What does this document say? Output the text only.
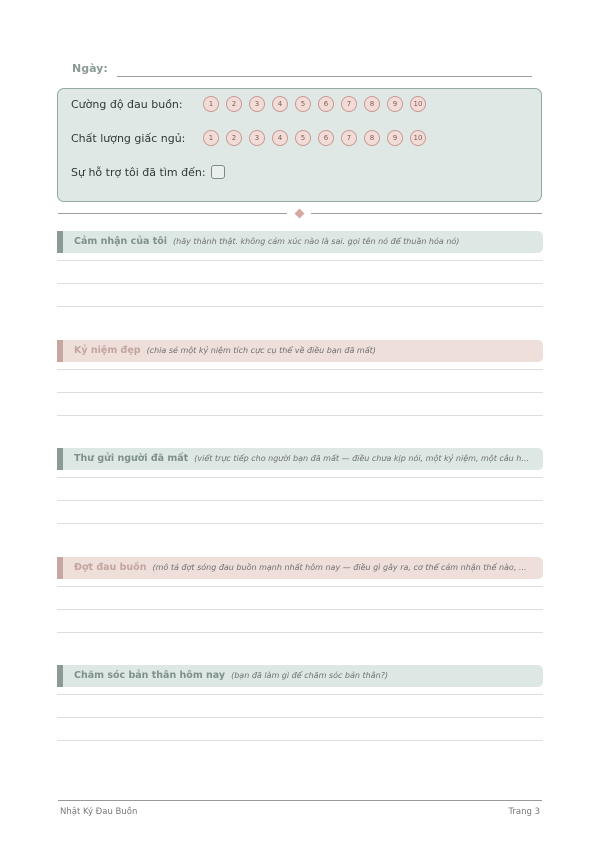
Ngày:
Cường độ đau buồn:	1	2	3	4	5	6	7	8	9	10
Chất lượng giấc ngủ:	1	2	3	4	5	6	7	8	9	10
Sự hỗ trợ tôi đã tìm đến:
Cảm nhận của tôi (hãy thành thật. không cảm xúc nào là sai. gọi tên nó để thuần hóa nó)
Kỷ niệm đẹp (chia sẻ một kỷ niệm tích cực cụ thể về điều bạn đã mất)
Thư gửi người đã mất (viết trực tiếp cho người bạn đã mất — điều chưa kịp nói, một kỷ niệm, một câu h...
Đợt đau buồn (mô tả đợt sóng đau buồn mạnh nhất hôm nay — điều gì gây ra, cơ thể cảm nhận thế nào, ...
Chăm sóc bản thân hôm nay (bạn đã làm gì để chăm sóc bản thân?)
Nhật Ký Đau Buồn	Trang 3
